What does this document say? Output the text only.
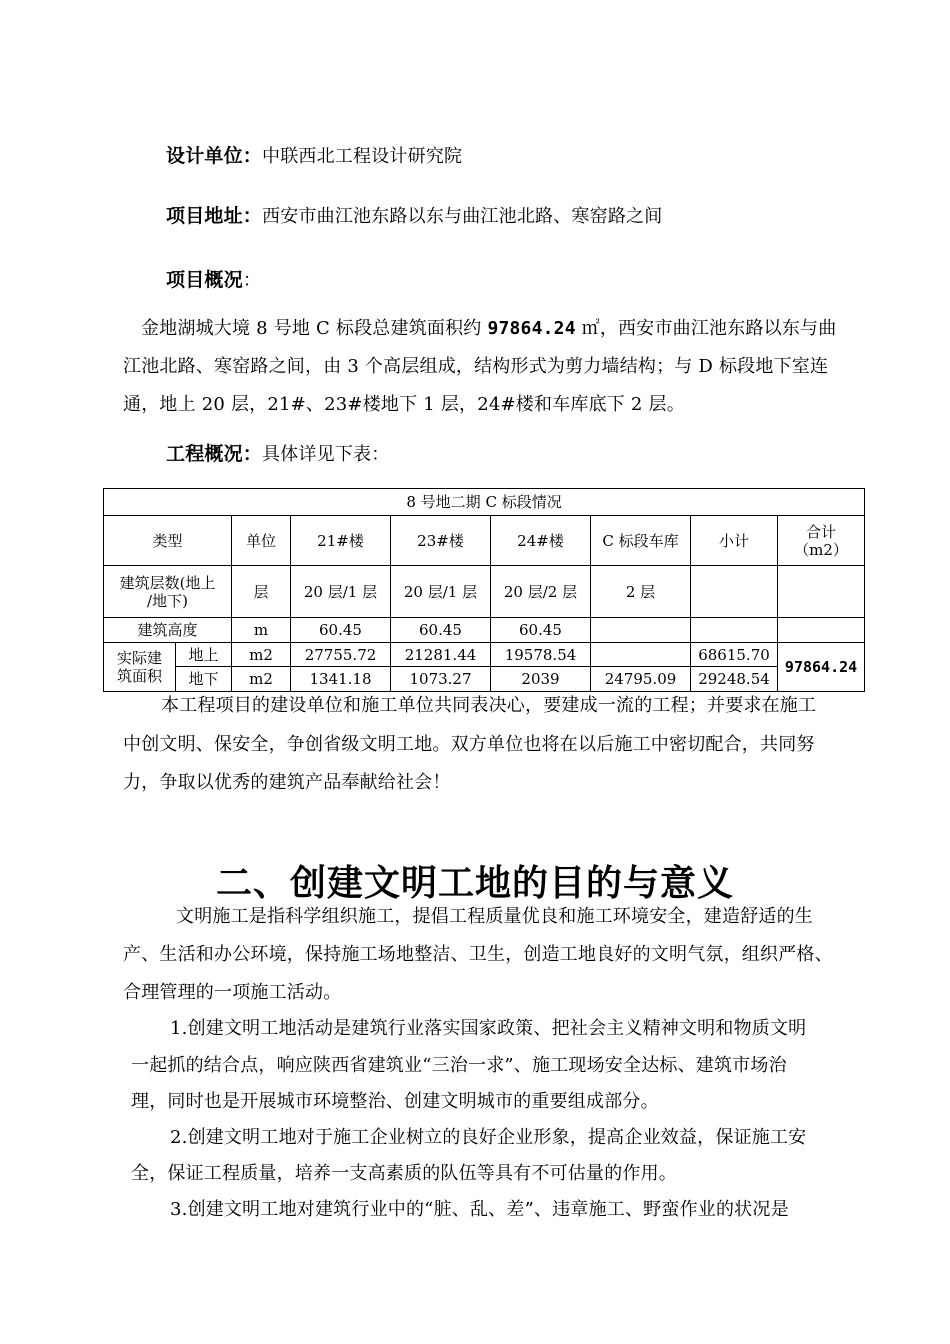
设计单位：中联西北工程设计研究院
项目地址：西安市曲江池东路以东与曲江池北路、寒窑路之间
项目概况：
金地湖城大境 8 号地 C 标段总建筑面积约 97864.24 ㎡，西安市曲江池东路以东与曲
江池北路、寒窑路之间，由 3 个高层组成，结构形式为剪力墙结构；与 D 标段地下室连
通，地上 20 层，21#、23#楼地下 1 层，24#楼和车库底下 2 层。
工程概况：具体详见下表：
8 号地二期 C 标段情况								
类型		单位	21#楼	23#楼	24#楼	C 标段车库	小计	合计
（m2）

建筑层数(地上
/地下)		层	20 层/1 层	20 层/1 层	20 层/2 层	2 层		
建筑高度		m	60.45	60.45	60.45			

实际建
筑面积	地上	m2	27755.72	21281.44	19578.54		68615.70	97864.24
	地下	m2	1341.18	1073.27	2039	24795.09	29248.54	
本工程项目的建设单位和施工单位共同表决心，要建成一流的工程；并要求在施工
中创文明、保安全，争创省级文明工地。双方单位也将在以后施工中密切配合，共同努
力，争取以优秀的建筑产品奉献给社会！
二、创建文明工地的目的与意义
文明施工是指科学组织施工，提倡工程质量优良和施工环境安全，建造舒适的生
产、生活和办公环境，保持施工场地整洁、卫生，创造工地良好的文明气氛，组织严格、
合理管理的一项施工活动。
1.创建文明工地活动是建筑行业落实国家政策、把社会主义精神文明和物质文明
一起抓的结合点，响应陕西省建筑业“三治一求”、施工现场安全达标、建筑市场治
理，同时也是开展城市环境整治、创建文明城市的重要组成部分。
2.创建文明工地对于施工企业树立的良好企业形象，提高企业效益，保证施工安
全，保证工程质量，培养一支高素质的队伍等具有不可估量的作用。
3.创建文明工地对建筑行业中的“脏、乱、差”、违章施工、野蛮作业的状况是
